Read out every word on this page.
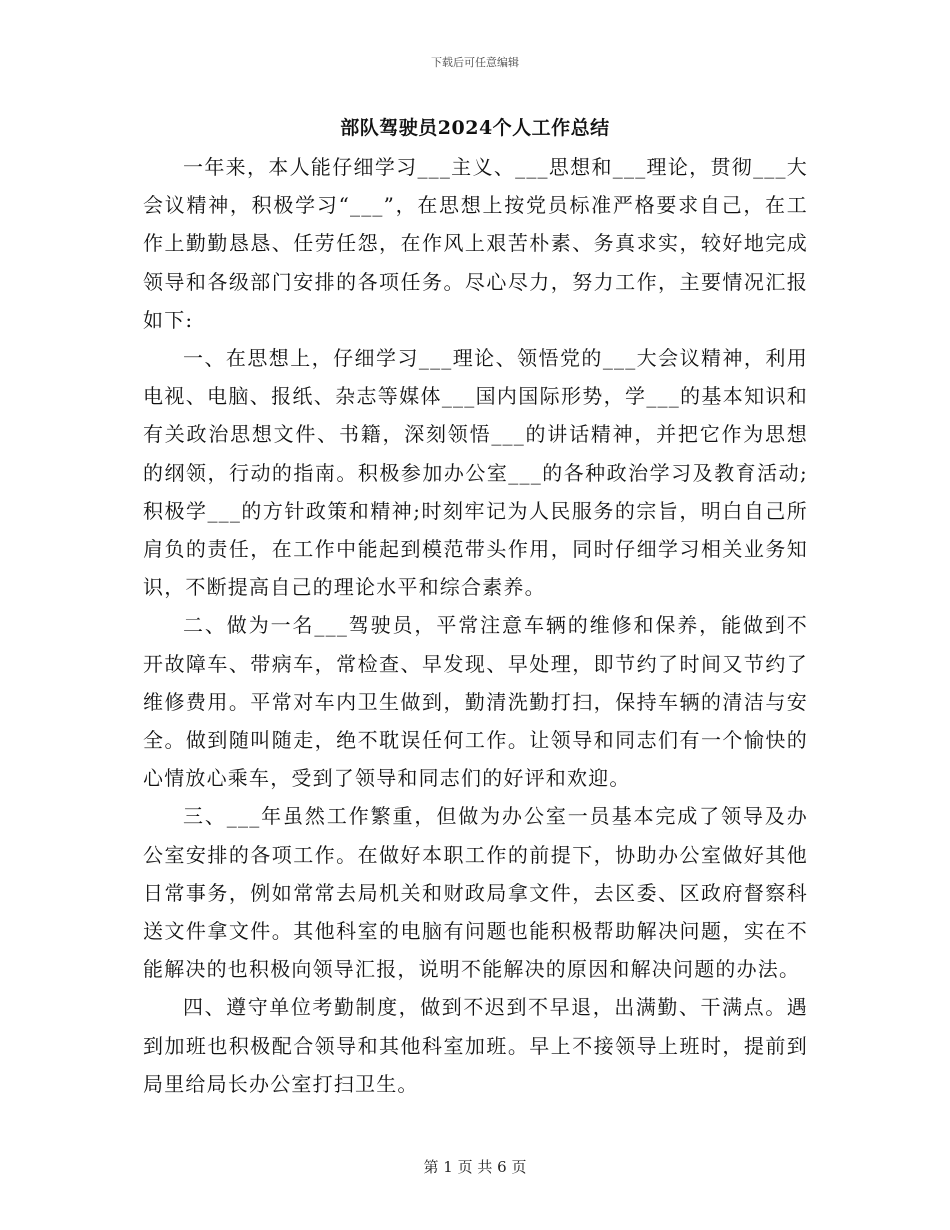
下载后可任意编辑
部队驾驶员2024个人工作总结

一年来，本人能仔细学习___主义、___思想和___理论，贯彻___大会议精神，积极学习“___”，在思想上按党员标准严格要求自己，在工作上勤勤恳恳、任劳任怨，在作风上艰苦朴素、务真求实，较好地完成领导和各级部门安排的各项任务。尽心尽力，努力工作，主要情况汇报如下:

一、在思想上，仔细学习___理论、领悟党的___大会议精神，利用电视、电脑、报纸、杂志等媒体___国内国际形势，学___的基本知识和有关政治思想文件、书籍，深刻领悟___的讲话精神，并把它作为思想的纲领，行动的指南。积极参加办公室___的各种政治学习及教育活动;积极学___的方针政策和精神;时刻牢记为人民服务的宗旨，明白自己所肩负的责任，在工作中能起到模范带头作用，同时仔细学习相关业务知识，不断提高自己的理论水平和综合素养。

二、做为一名___驾驶员，平常注意车辆的维修和保养，能做到不开故障车、带病车，常检查、早发现、早处理，即节约了时间又节约了维修费用。平常对车内卫生做到，勤清洗勤打扫，保持车辆的清洁与安全。做到随叫随走，绝不耽误任何工作。让领导和同志们有一个愉快的心情放心乘车，受到了领导和同志们的好评和欢迎。

三、___年虽然工作繁重，但做为办公室一员基本完成了领导及办公室安排的各项工作。在做好本职工作的前提下，协助办公室做好其他日常事务，例如常常去局机关和财政局拿文件，去区委、区政府督察科送文件拿文件。其他科室的电脑有问题也能积极帮助解决问题，实在不能解决的也积极向领导汇报，说明不能解决的原因和解决问题的办法。

四、遵守单位考勤制度，做到不迟到不早退，出满勤、干满点。遇到加班也积极配合领导和其他科室加班。早上不接领导上班时，提前到局里给局长办公室打扫卫生。

第 1 页 共 6 页
